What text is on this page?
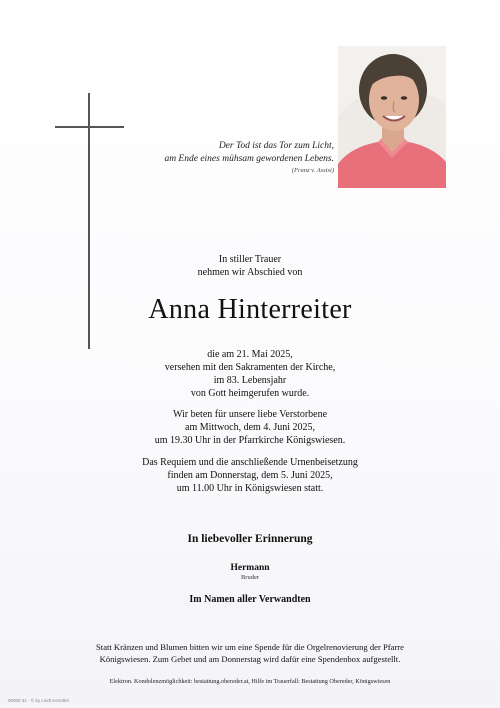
Der Tod ist das Tor zum Licht,
am Ende eines mühsam gewordenen Lebens.
(Franz v. Assisi)
In stiller Trauer
nehmen wir Abschied von
Anna Hinterreiter
die am 21. Mai 2025,
versehen mit den Sakramenten der Kirche,
im 83. Lebensjahr
von Gott heimgerufen wurde.
Wir beten für unsere liebe Verstorbene
am Mittwoch, dem 4. Juni 2025,
um 19.30 Uhr in der Pfarrkirche Königswiesen.
Das Requiem und die anschließende Urnenbeisetzung
finden am Donnerstag, dem 5. Juni 2025,
um 11.00 Uhr in Königswiesen statt.
In liebevoller Erinnerung
Hermann
Bruder
Im Namen aller Verwandten
Statt Kränzen und Blumen bitten wir um eine Spende für die Orgelrenovierung der Pfarre
Königswiesen. Zum Gebet und am Donnerstag wird dafür eine Spendenbox aufgestellt.
Elektron. Kondolenzmöglichkeit: bestattung.obereder.at, Hilfe im Trauerfall: Bestattung Obereder, Königswiesen
00000 31 · © by Lindt Kenntler
